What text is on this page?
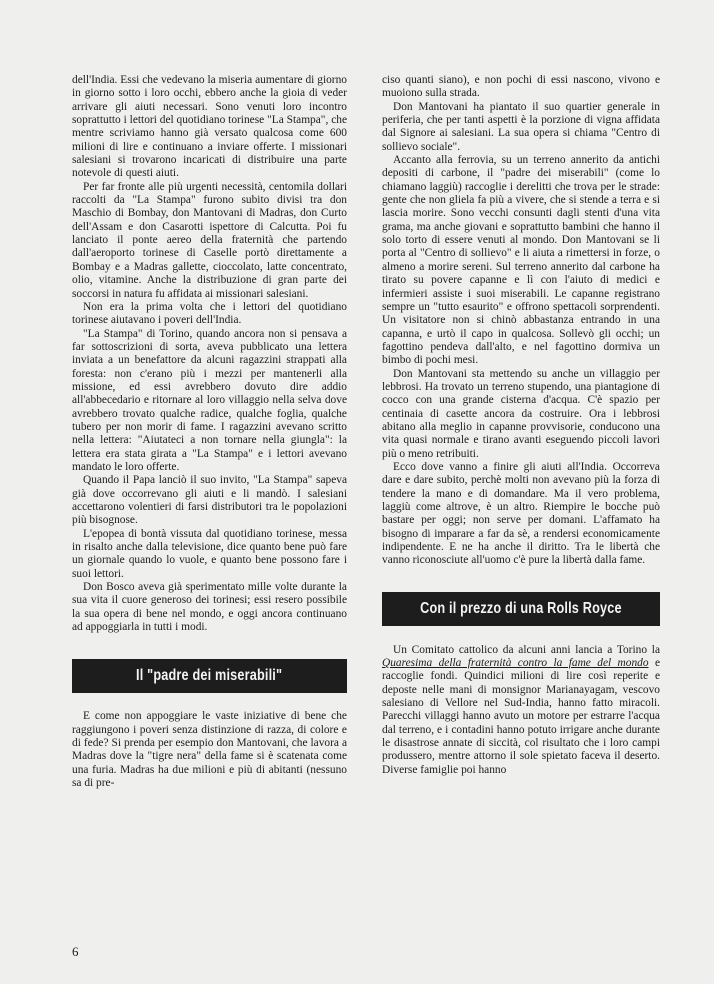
dell'India. Essi che vedevano la miseria aumentare di giorno in giorno sotto i loro occhi, ebbero anche la gioia di veder arrivare gli aiuti necessari. Sono venuti loro incontro soprattutto i lettori del quotidiano torinese "La Stampa", che mentre scriviamo hanno già versato qualcosa come 600 milioni di lire e continuano a inviare offerte. I missionari salesiani si trovarono incaricati di distribuire una parte notevole di questi aiuti.

Per far fronte alle più urgenti necessità, centomila dollari raccolti da "La Stampa" furono subito divisi tra don Maschio di Bombay, don Mantovani di Madras, don Curto dell'Assam e don Casarotti ispettore di Calcutta. Poi fu lanciato il ponte aereo della fraternità che partendo dall'aeroporto torinese di Caselle portò direttamente a Bombay e a Madras gallette, cioccolato, latte concentrato, olio, vitamine. Anche la distribuzione di gran parte dei soccorsi in natura fu affidata ai missionari salesiani.

Non era la prima volta che i lettori del quotidiano torinese aiutavano i poveri dell'India.

"La Stampa" di Torino, quando ancora non si pensava a far sottoscrizioni di sorta, aveva pubblicato una lettera inviata a un benefattore da alcuni ragazzini strappati alla foresta: non c'erano più i mezzi per mantenerli alla missione, ed essi avrebbero dovuto dire addio all'abbecedario e ritornare al loro villaggio nella selva dove avrebbero trovato qualche radice, qualche foglia, qualche tubero per non morir di fame. I ragazzini avevano scritto nella lettera: "Aiutateci a non tornare nella giungla": la lettera era stata girata a "La Stampa" e i lettori avevano mandato le loro offerte.

Quando il Papa lanciò il suo invito, "La Stampa" sapeva già dove occorrevano gli aiuti e li mandò. I salesiani accettarono volentieri di farsi distributori tra le popolazioni più bisognose.

L'epopea di bontà vissuta dal quotidiano torinese, messa in risalto anche dalla televisione, dice quanto bene può fare un giornale quando lo vuole, e quanto bene possono fare i suoi lettori.

Don Bosco aveva già sperimentato mille volte durante la sua vita il cuore generoso dei torinesi; essi resero possibile la sua opera di bene nel mondo, e oggi ancora continuano ad appoggiarla in tutti i modi.

Il "padre dei miserabili"

E come non appoggiare le vaste iniziative di bene che raggiungono i poveri senza distinzione di razza, di colore e di fede? Si prenda per esempio don Mantovani, che lavora a Madras dove la "tigre nera" della fame si è scatenata come una furia. Madras ha due milioni e più di abitanti (nessuno sa di pre-

ciso quanti siano), e non pochi di essi nascono, vivono e muoiono sulla strada.

Don Mantovani ha piantato il suo quartier generale in periferia, che per tanti aspetti è la porzione di vigna affidata dal Signore ai salesiani. La sua opera si chiama "Centro di sollievo sociale".

Accanto alla ferrovia, su un terreno annerito da antichi depositi di carbone, il "padre dei miserabili" (come lo chiamano laggiù) raccoglie i derelitti che trova per le strade: gente che non gliela fa più a vivere, che si stende a terra e si lascia morire. Sono vecchi consunti dagli stenti d'una vita grama, ma anche giovani e soprattutto bambini che hanno il solo torto di essere venuti al mondo. Don Mantovani se li porta al "Centro di sollievo" e li aiuta a rimettersi in forze, o almeno a morire sereni. Sul terreno annerito dal carbone ha tirato su povere capanne e lì con l'aiuto di medici e infermieri assiste i suoi miserabili. Le capanne registrano sempre un "tutto esaurito" e offrono spettacoli sorprendenti. Un visitatore non si chinò abbastanza entrando in una capanna, e urtò il capo in qualcosa. Sollevò gli occhi; un fagottino pendeva dall'alto, e nel fagottino dormiva un bimbo di pochi mesi.

Don Mantovani sta mettendo su anche un villaggio per lebbrosi. Ha trovato un terreno stupendo, una piantagione di cocco con una grande cisterna d'acqua. C'è spazio per centinaia di casette ancora da costruire. Ora i lebbrosi abitano alla meglio in capanne provvisorie, conducono una vita quasi normale e tirano avanti eseguendo piccoli lavori più o meno retribuiti.

Ecco dove vanno a finire gli aiuti all'India. Occorreva dare e dare subito, perchè molti non avevano più la forza di tendere la mano e di domandare. Ma il vero problema, laggiù come altrove, è un altro. Riempire le bocche può bastare per oggi; non serve per domani. L'affamato ha bisogno di imparare a far da sè, a rendersi economicamente indipendente. E ne ha anche il diritto. Tra le libertà che vanno riconosciute all'uomo c'è pure la libertà dalla fame.

Con il prezzo di una Rolls Royce

Un Comitato cattolico da alcuni anni lancia a Torino la Quaresima della fraternità contro la fame del mondo e raccoglie fondi. Quindici milioni di lire così reperite e deposte nelle mani di monsignor Marianayagam, vescovo salesiano di Vellore nel Sud-India, hanno fatto miracoli. Parecchi villaggi hanno avuto un motore per estrarre l'acqua dal terreno, e i contadini hanno potuto irrigare anche durante le disastrose annate di siccità, col risultato che i loro campi produssero, mentre attorno il sole spietato faceva il deserto. Diverse famiglie poi hanno

6
